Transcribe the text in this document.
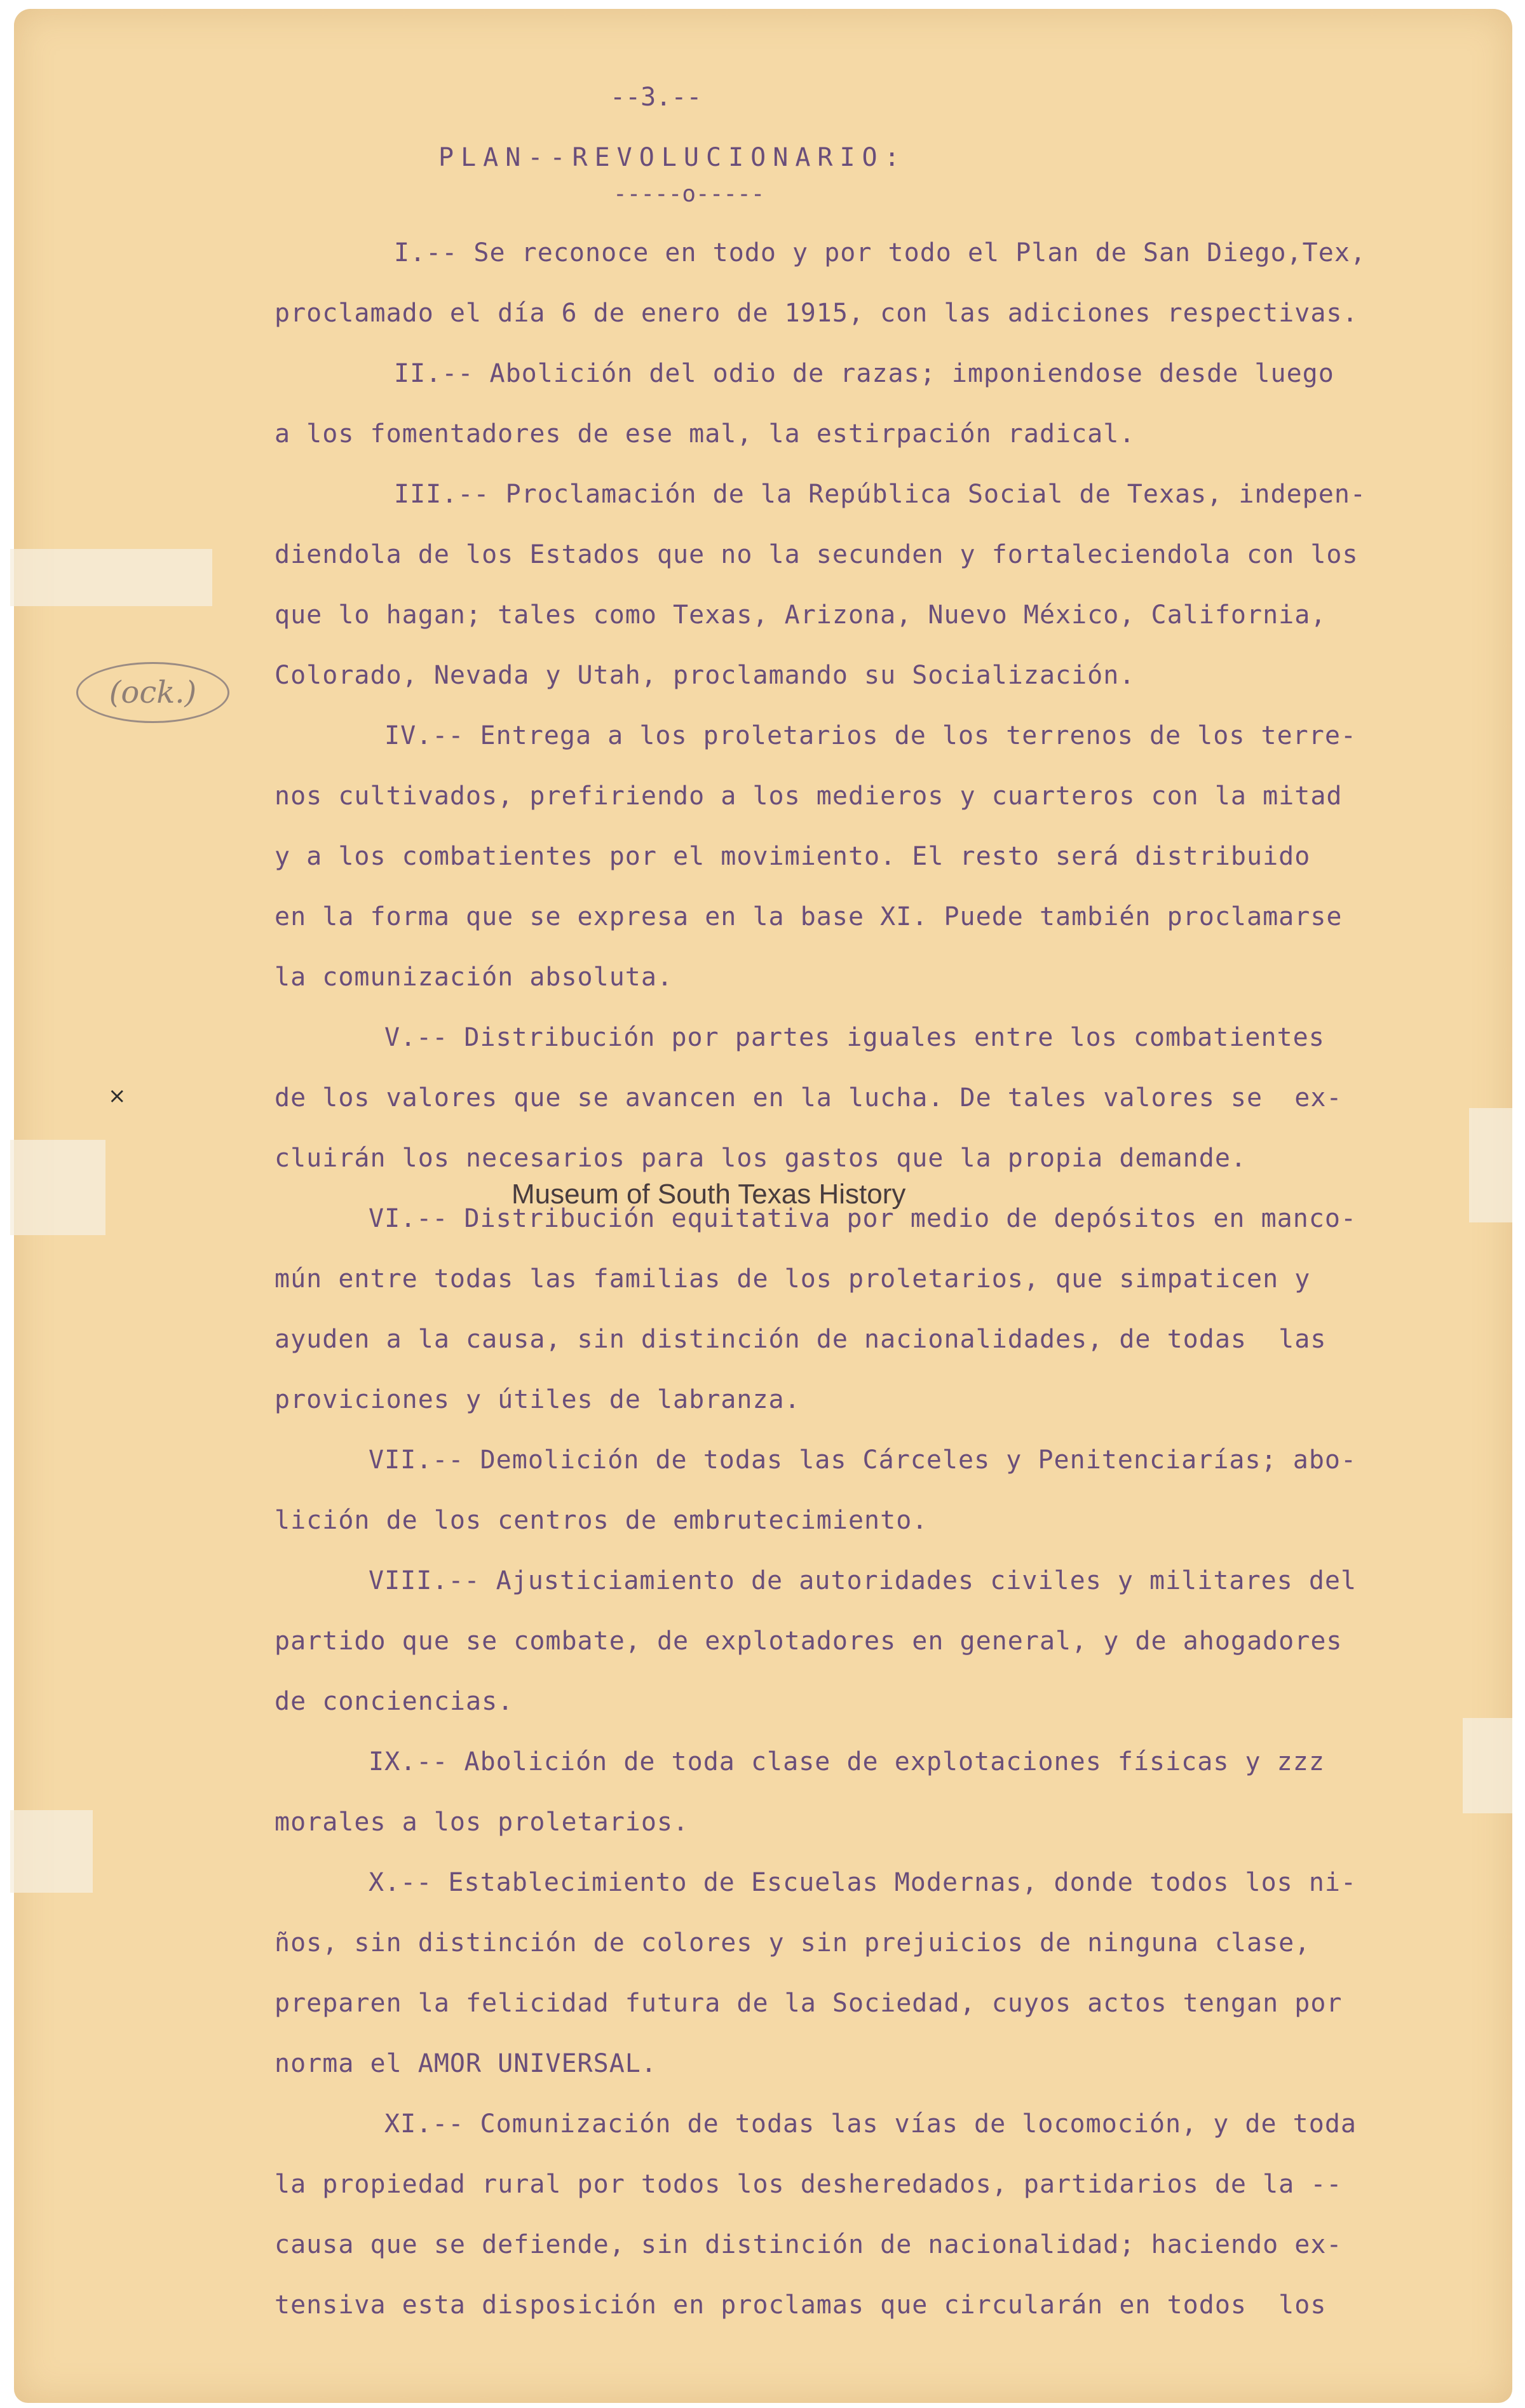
--3.--
PLAN--REVOLUCIONARIO:
-----o-----
(ock.)
×
I.-- Se reconoce en todo y por todo el Plan de San Diego,Tex,
proclamado el día 6 de enero de 1915, con las adiciones respectivas.
II.-- Abolición del odio de razas; imponiendose desde luego
a los fomentadores de ese mal, la estirpación radical.
III.-- Proclamación de la República Social de Texas, indepen-
diendola de los Estados que no la secunden y fortaleciendola con los
que lo hagan; tales como Texas, Arizona, Nuevo México, California,
Colorado, Nevada y Utah, proclamando su Socialización.
IV.-- Entrega a los proletarios de los terrenos de los terre-
nos cultivados, prefiriendo a los medieros y cuarteros con la mitad
y a los combatientes por el movimiento. El resto será distribuido
en la forma que se expresa en la base XI. Puede también proclamarse
la comunización absoluta.
V.-- Distribución por partes iguales entre los combatientes
de los valores que se avancen en la lucha. De tales valores se  ex-
cluirán los necesarios para los gastos que la propia demande.
VI.-- Distribución equitativa por medio de depósitos en manco-
mún entre todas las familias de los proletarios, que simpaticen y
ayuden a la causa, sin distinción de nacionalidades, de todas  las
proviciones y útiles de labranza.
VII.-- Demolición de todas las Cárceles y Penitenciarías; abo-
lición de los centros de embrutecimiento.
VIII.-- Ajusticiamiento de autoridades civiles y militares del
partido que se combate, de explotadores en general, y de ahogadores
de conciencias.
IX.-- Abolición de toda clase de explotaciones físicas y zzz
morales a los proletarios.
X.-- Establecimiento de Escuelas Modernas, donde todos los ni-
ños, sin distinción de colores y sin prejuicios de ninguna clase,
preparen la felicidad futura de la Sociedad, cuyos actos tengan por
norma el AMOR UNIVERSAL.
XI.-- Comunización de todas las vías de locomoción, y de toda
la propiedad rural por todos los desheredados, partidarios de la --
causa que se defiende, sin distinción de nacionalidad; haciendo ex-
tensiva esta disposición en proclamas que circularán en todos  los
Museum of South Texas History
